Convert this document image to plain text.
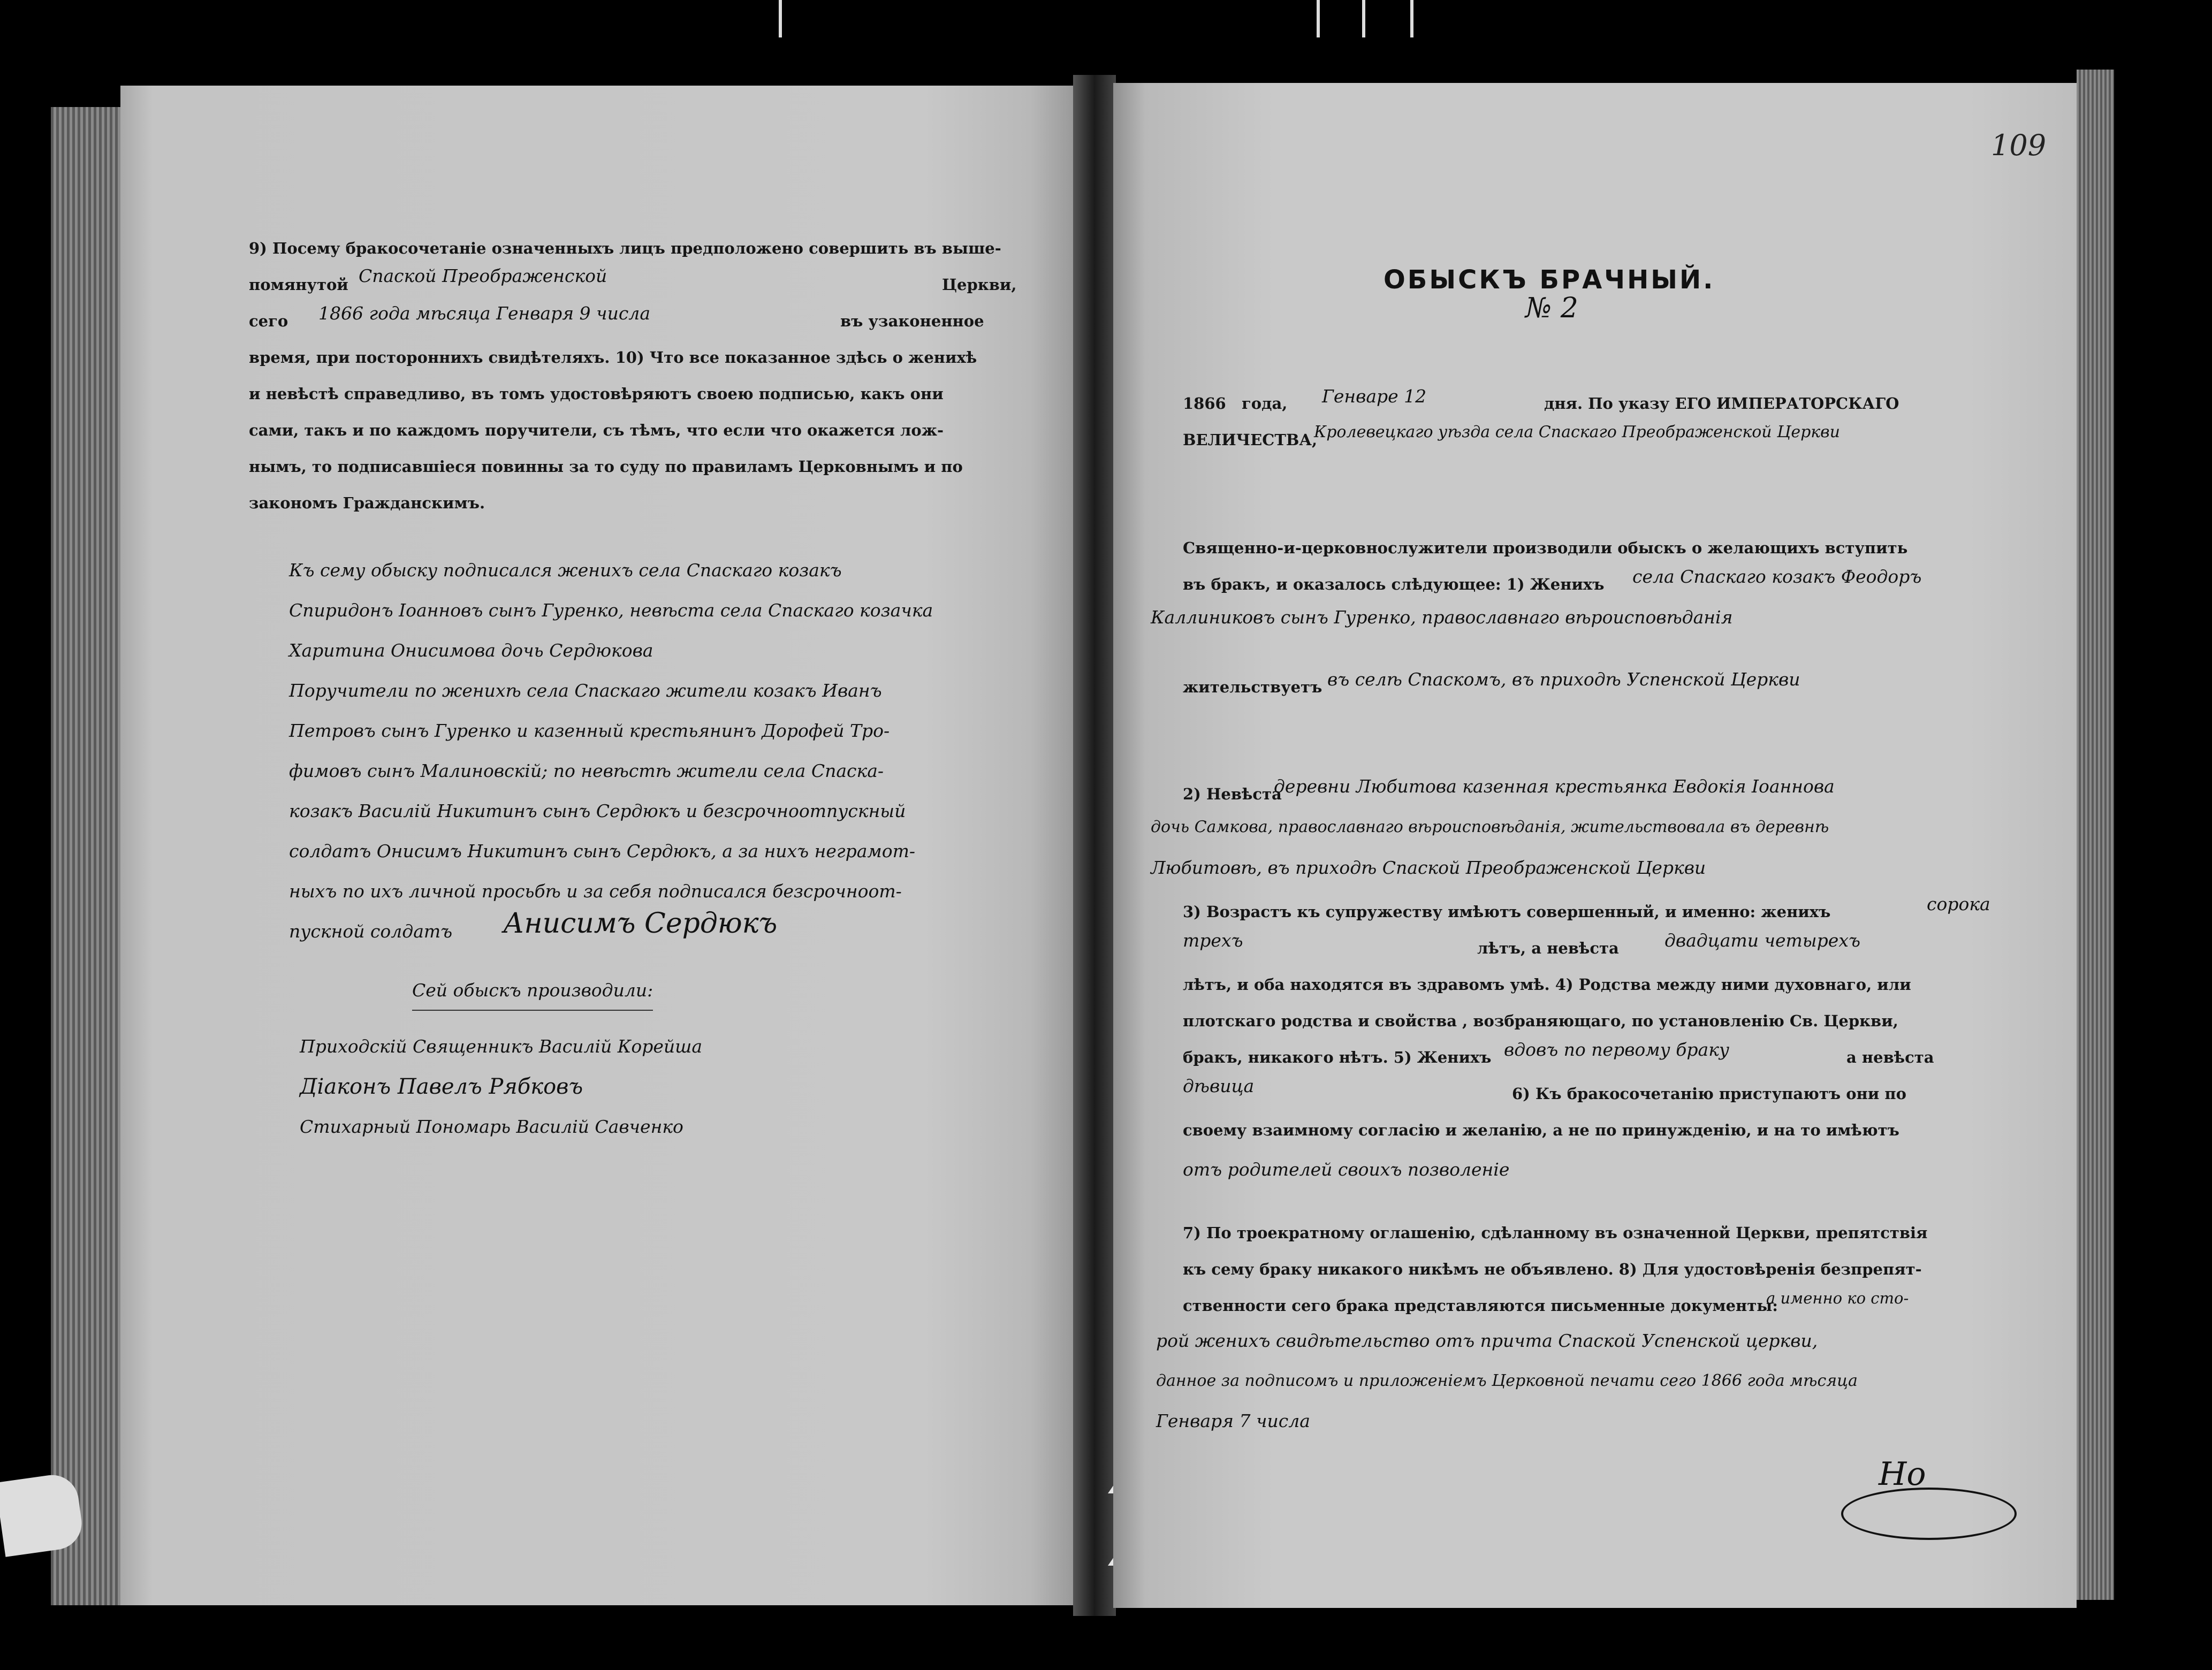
9) Посему бракосочетаніе означенныхъ лицъ предположено совершить въ выше-
помянутой Спаской Преображенской	Церкви,
сего 1866 года мѣсяца Генваря 9 числа	въ узаконенное
время, при постороннихъ свидѣтеляхъ. 10) Что все показанное здѣсь о женихѣ
и невѣстѣ справедливо, въ томъ удостовѣряютъ своею подписью, какъ они
сами, такъ и по каждомъ поручители, съ тѣмъ, что если что окажется лож-
нымъ, то подписавшіеся повинны за то суду по правиламъ Церковнымъ и по
закономъ Гражданскимъ.
Къ сему обыску подписался женихъ села Спаскаго козакъ
Спиридонъ Іоанновъ сынъ Гуренко, невѣста села Спаскаго козачка
Харитина Онисимова дочь Сердюкова
Поручители по женихѣ села Спаскаго жители козакъ Иванъ
Петровъ сынъ Гуренко и казенный крестьянинъ Дорофей Тро-
фимовъ сынъ Малиновскій; по невѣстѣ жители села Спаска-
козакъ Василій Никитинъ сынъ Сердюкъ и безсрочноотпускный
солдатъ Онисимъ Никитинъ сынъ Сердюкъ, а за нихъ неграмот-
ныхъ по ихъ личной просьбѣ и за себя подписался безсрочноот-
пускной солдатъ Анисимъ Сердюкъ
Сей обыскъ производили:
Приходскій Священникъ Василій Корейша
Діаконъ Павелъ Рябковъ
Стихарный Пономарь Василій Савченко
109
ОБЫСКЪ БРАЧНЫЙ.
№ 2
1866 года, Генваре 12	дня. По указу ЕГО ИМПЕРАТОРСКАГО
ВЕЛИЧЕСТВА,
Кролевецкаго уѣзда села Спаскаго Преображенской Церкви
Священно-и-церковнослужители производили обыскъ о желающихъ вступить
въ бракъ, и оказалось слѣдующее: 1) Женихъ села Спаскаго козакъ Феодоръ
Каллиниковъ сынъ Гуренко, православнаго вѣроисповѣданія
жительствуетъ въ селѣ Спаскомъ, въ приходѣ Успенской Церкви
2) Невѣста
деревни Любитова казенная крестьянка Евдокія Іоаннова
дочь Самкова, православнаго вѣроисповѣданія, жительствовала въ деревнѣ
Любитовѣ, въ приходѣ Спаской Преображенской Церкви
3) Возрастъ къ супружеству имѣютъ совершенный, и именно: женихъ	сорока
трехъ	лѣтъ, а невѣста	двадцати четырехъ
лѣтъ, и оба находятся въ здравомъ умѣ. 4) Родства между ними духовнаго, или
плотскаго родства и свойства , возбраняющаго, по установленію Св. Церкви,
бракъ, никакого нѣтъ. 5) Женихъ вдовъ по первому браку	а невѣста
дѣвица	6) Къ бракосочетанію приступаютъ они по
своему взаимному согласію и желанію, а не по принужденію, и на то имѣютъ
отъ родителей своихъ позволеніе
7) По троекратному оглашенію, сдѣланному въ означенной Церкви, препятствія
къ сему браку никакого никѣмъ не объявлено. 8) Для удостовѣренія безпрепят-
ственности сего брака представляются письменные документы:
а именно ко сто-
рой женихъ свидѣтельство отъ причта Спаской Успенской церкви,
данное за подписомъ и приложеніемъ Церковной печати сего 1866 года мѣсяца
Генваря 7 числа
Но
